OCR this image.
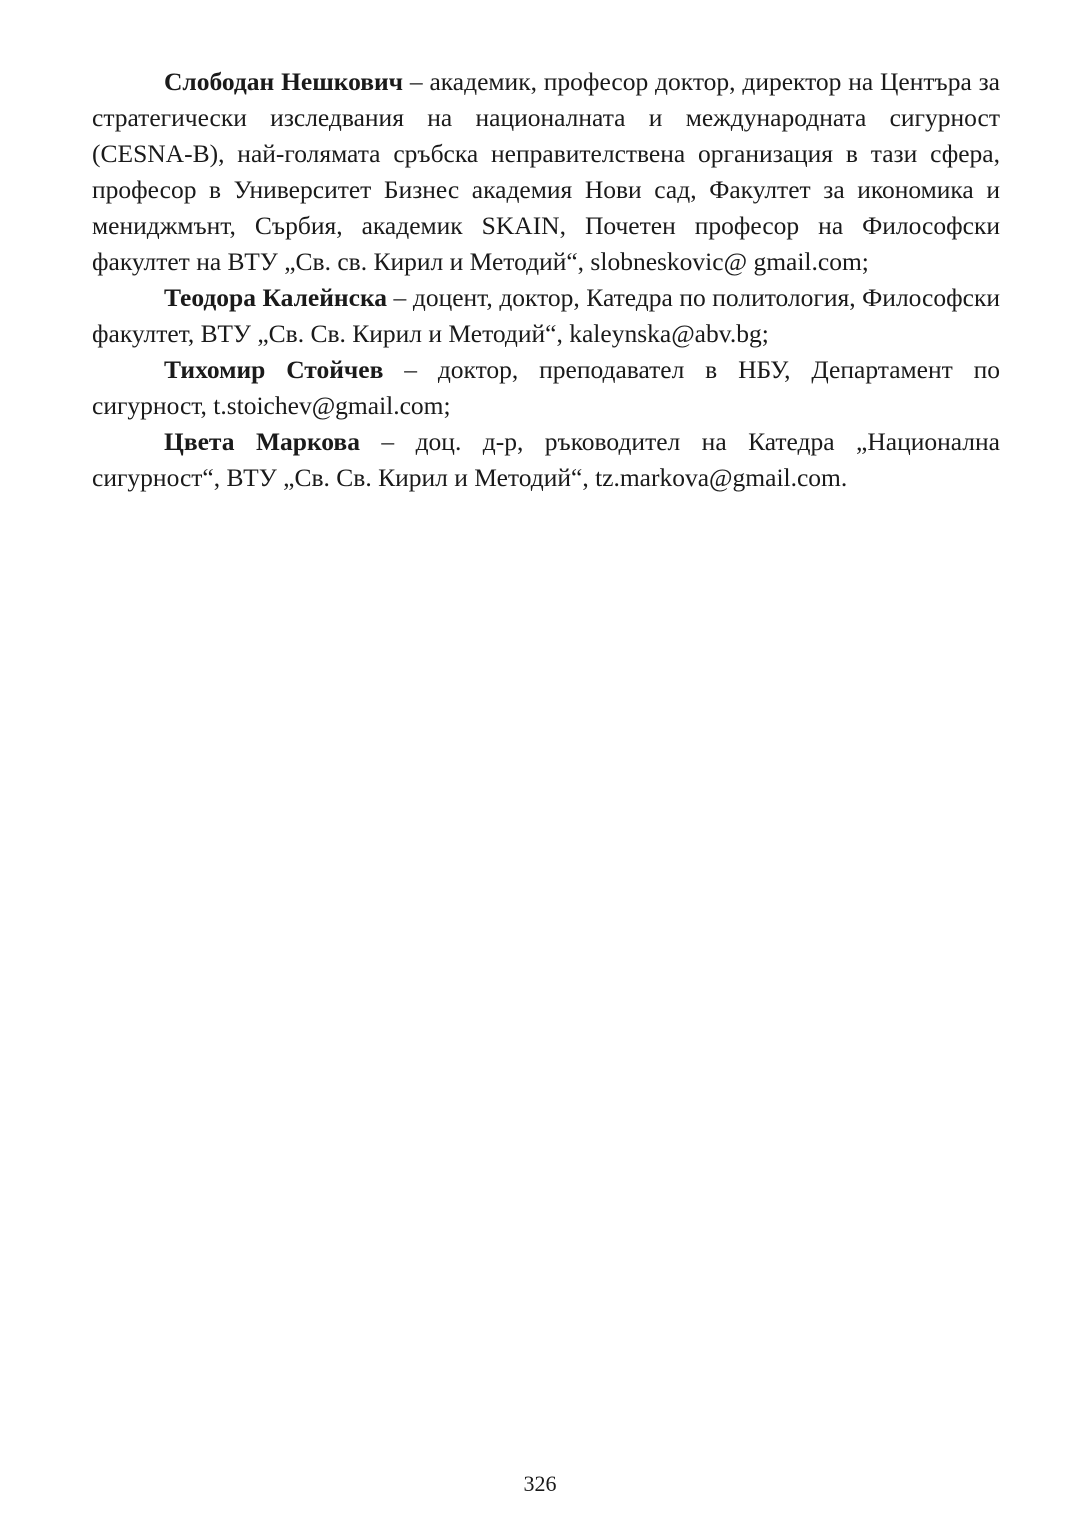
Слободан Нешкович – академик, професор доктор, директор на Центъра за стратегически изследвания на националната и международната сигурност (CESNA-B), най-голямата сръбска неправителствена организация в тази сфера, професор в Университет Бизнес академия Нови сад, Факултет за икономика и мениджмънт, Сърбия, академик SKAIN, Почетен професор на Философски факултет на ВТУ „Св. св. Кирил и Методий“, slobneskovic@ gmail.com;

Теодора Калейнска – доцент, доктор, Катедра по политология, Философски факултет, ВТУ „Св. Св. Кирил и Методий“, kaleynska@abv.bg;

Тихомир Стойчев – доктор, преподавател в НБУ, Департамент по сигурност, t.stoichev@gmail.com;

Цвета Маркова – доц. д-р, ръководител на Катедра „Национална сигурност“, ВТУ „Св. Св. Кирил и Методий“, tz.markova@gmail.com.

326
